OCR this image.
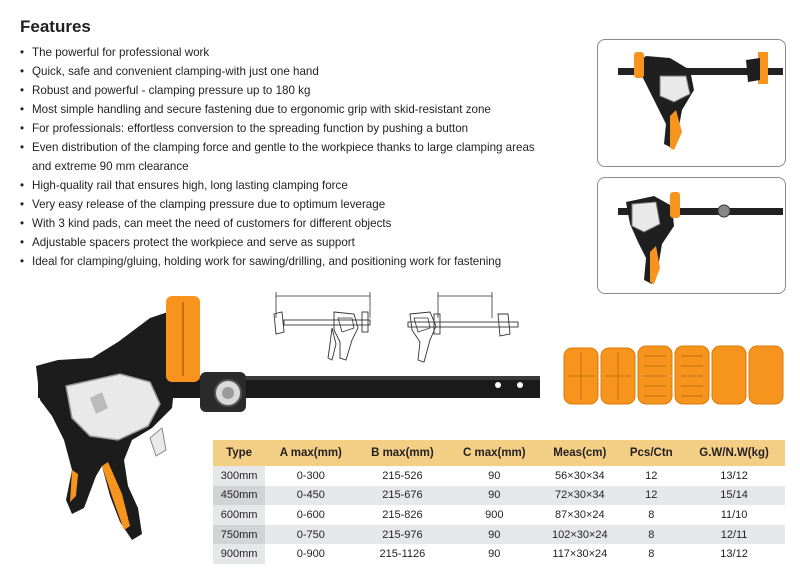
Features
• The powerful for professional work
• Quick, safe and convenient clamping-with just one hand
• Robust and powerful - clamping pressure up to 180 kg
• Most simple handling and secure fastening due to ergonomic grip with skid-resistant zone
• For professionals: effortless conversion to the spreading function by pushing a button
• Even distribution of the clamping force and gentle to the workpiece thanks to large clamping areas and extreme 90 mm clearance
• High-quality rail that ensures high, long lasting clamping force
• Very easy release of the clamping pressure due to optimum leverage
• With 3 kind pads, can meet the need of customers for different objects
• Adjustable spacers protect the workpiece and serve as support
• Ideal for clamping/gluing, holding work for sawing/drilling, and positioning work for fastening
Type	A max(mm)	B max(mm)	C max(mm)	Meas(cm)	Pcs/Ctn	G.W/N.W(kg)
300mm	0-300	215-526	90	56×30×34	12	13/12
450mm	0-450	215-676	90	72×30×34	12	15/14
600mm	0-600	215-826	900	87×30×24	8	11/10
750mm	0-750	215-976	90	102×30×24	8	12/11
900mm	0-900	215-1126	90	117×30×24	8	13/12
